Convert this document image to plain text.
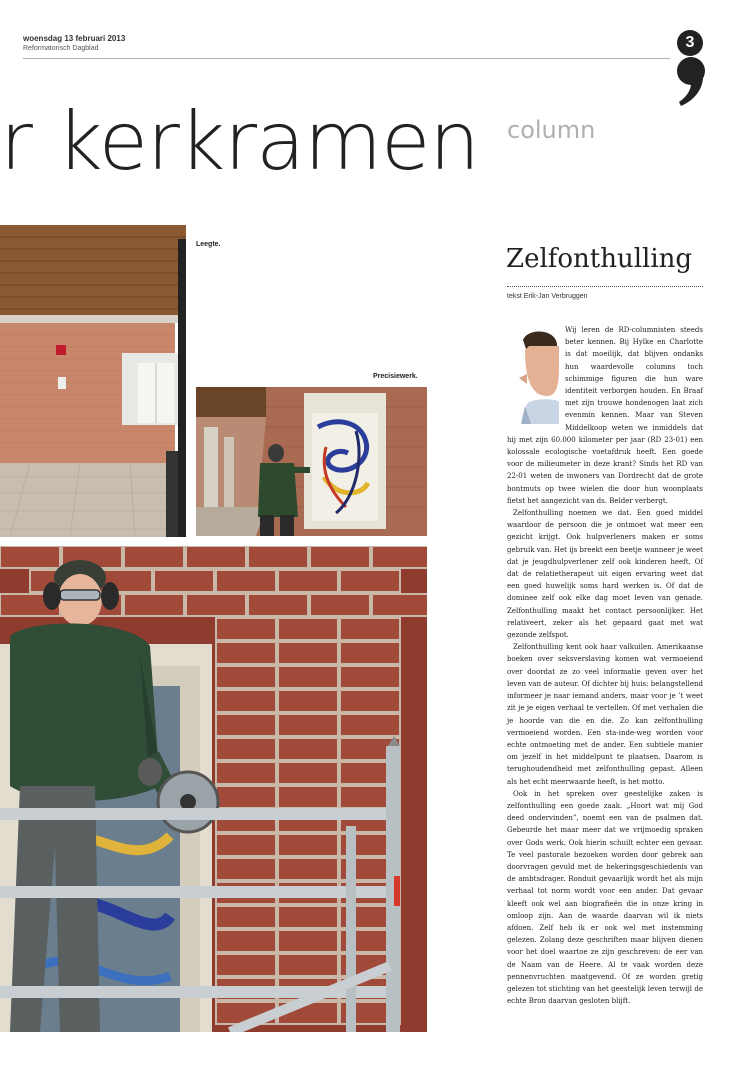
woensdag 13 februari 2013
Reformatorisch Dagblad	3
r kerkramen column
Leegte.
Precisiewerk.
Zelfonthulling
tekst Erik-Jan Verbruggen

Wij leren de RD-columnisten steeds beter kennen. Bij Hylke en Charlotte is dat moeilijk, dat blijven ondanks hun waardevolle columns toch schimmige figuren die hun ware identiteit verborgen houden. En Braaf met zijn trouwe hondenogen laat zich evenmin kennen. Maar van Steven Middelkoop weten we inmiddels dat hij met zijn 60.000 kilometer per jaar (RD 23-01) een kolossale ecologische voetafdruk heeft. Een goede voor de milieumeter in deze krant? Sinds het RD van 22-01 weten de inwoners van Dordrecht dat de grote bontmuts op twee wielen die door hun woonplaats fietst het aangezicht van ds. Belder verbergt.

Zelfonthulling noemen we dat. Een goed middel waardoor de persoon die je ontmoet wat meer een gezicht krijgt. Ook hulpverleners maken er soms gebruik van. Het ijs breekt een beetje wanneer je weet dat je jeugdhulpverlener zelf ook kinderen heeft. Of dat de relatietherapeut uit eigen ervaring weet dat een goed huwelijk soms hard werken is. Of dat de dominee zelf ook elke dag moet leven van genade. Zelfonthulling maakt het contact persoonlijker. Het relativeert, zeker als het gepaard gaat met wat gezonde zelfspot.

Zelfonthulling kent ook haar valkuilen. Amerikaanse boeken over seksverslaving komen wat vermoeiend over doordat ze zo veel informatie geven over het leven van de auteur. Of dichter bij huis: belangstellend informeer je naar iemand anders, maar voor je ’t weet zit je je eigen verhaal te vertellen. Of met verhalen die je hoorde van die en die. Zo kan zelfonthulling vermoeiend worden. Een sta-inde-weg worden voor echte ontmoeting met de ander. Een subtiele manier om jezelf in het middelpunt te plaatsen. Daarom is terughoudendheid met zelfonthulling gepast. Alleen als het echt meerwaarde heeft, is het motto.

Ook in het spreken over geestelijke zaken is zelfonthulling een goede zaak. „Hoort wat mij God deed ondervinden”, noemt een van de psalmen dat. Gebeurde het maar meer dat we vrijmoedig spraken over Gods werk. Ook hierin schuilt echter een gevaar. Te veel pastorale bezoeken worden door gebrek aan doorvragen gevuld met de bekeringsgeschiedenis van de ambtsdrager. Ronduit gevaarlijk wordt het als mijn verhaal tot norm wordt voor een ander. Dat gevaar kleeft ook wel aan biografieën die in onze kring in omloop zijn. Aan de waarde daarvan wil ik niets afdoen. Zelf heb ik er ook wel met instemming gelezen. Zolang deze geschriften maar blijven dienen voor het doel waartoe ze zijn geschreven: de eer van de Naam van de Heere. Al te vaak worden deze pennenvruchten maatgevend. Of ze worden gretig gelezen tot stichting van het geestelijk leven terwijl de echte Bron daarvan gesloten blijft.
